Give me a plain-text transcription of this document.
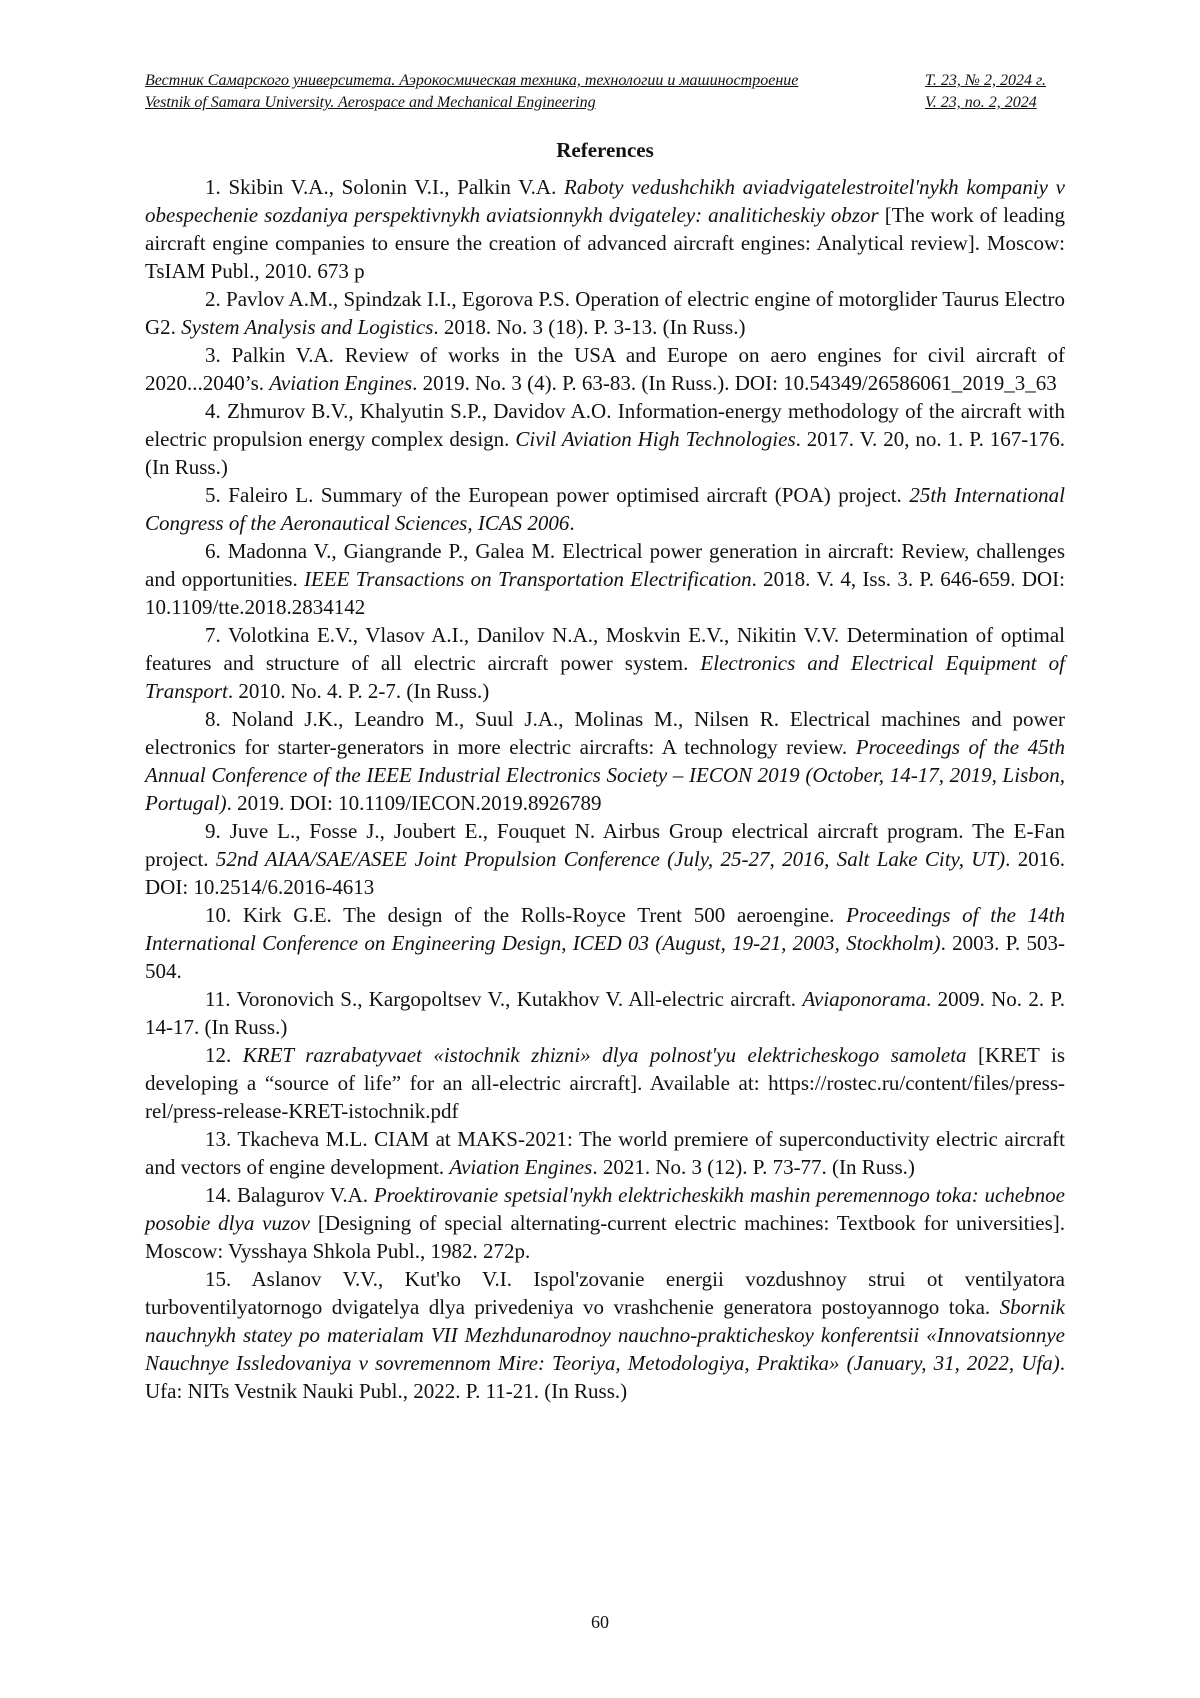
Вестник Самарского университета. Аэрокосмическая техника, технологии и машиностроение	Т. 23, № 2, 2024 г.
Vestnik of Samara University. Aerospace and Mechanical Engineering	V. 23, no. 2, 2024
References

1. Skibin V.A., Solonin V.I., Palkin V.A. Raboty vedushchikh aviadvigatelestroitel'nykh kompaniy v obespechenie sozdaniya perspektivnykh aviatsionnykh dvigateley: analiticheskiy obzor [The work of leading aircraft engine companies to ensure the creation of advanced aircraft engines: Analytical review]. Moscow: TsIAM Publ., 2010. 673 p

2. Pavlov A.M., Spindzak I.I., Egorova P.S. Operation of electric engine of motorglider Taurus Electro G2. System Analysis and Logistics. 2018. No. 3 (18). P. 3-13. (In Russ.)

3. Palkin V.A. Review of works in the USA and Europe on aero engines for civil aircraft of 2020...2040’s. Aviation Engines. 2019. No. 3 (4). P. 63-83. (In Russ.). DOI: 10.54349/26586061_2019_3_63

4. Zhmurov B.V., Khalyutin S.P., Davidov A.O. Information-energy methodology of the aircraft with electric propulsion energy complex design. Civil Aviation High Technologies. 2017. V. 20, no. 1. P. 167-176. (In Russ.)

5. Faleiro L. Summary of the European power optimised aircraft (POA) project. 25th International Congress of the Aeronautical Sciences, ICAS 2006.

6. Madonna V., Giangrande P., Galea M. Electrical power generation in aircraft: Review, challenges and opportunities. IEEE Transactions on Transportation Electrification. 2018. V. 4, Iss. 3. P. 646-659. DOI: 10.1109/tte.2018.2834142

7. Volotkina E.V., Vlasov A.I., Danilov N.A., Moskvin E.V., Nikitin V.V. Determination of optimal features and structure of all electric aircraft power system. Electronics and Electrical Equipment of Transport. 2010. No. 4. P. 2-7. (In Russ.)

8. Noland J.K., Leandro M., Suul J.A., Molinas M., Nilsen R. Electrical machines and power electronics for starter-generators in more electric aircrafts: A technology review. Proceedings of the 45th Annual Conference of the IEEE Industrial Electronics Society – IECON 2019 (October, 14-17, 2019, Lisbon, Portugal). 2019. DOI: 10.1109/IECON.2019.8926789

9. Juve L., Fosse J., Joubert E., Fouquet N. Airbus Group electrical aircraft program. The E-Fan project. 52nd AIAA/SAE/ASEE Joint Propulsion Conference (July, 25-27, 2016, Salt Lake City, UT). 2016. DOI: 10.2514/6.2016-4613

10. Kirk G.E. The design of the Rolls-Royce Trent 500 aeroengine. Proceedings of the 14th International Conference on Engineering Design, ICED 03 (August, 19-21, 2003, Stockholm). 2003. P. 503-504.

11. Voronovich S., Kargopoltsev V., Kutakhov V. All-electric aircraft. Aviaponorama. 2009. No. 2. P. 14-17. (In Russ.)

12. KRET razrabatyvaet «istochnik zhizni» dlya polnost'yu elektricheskogo samoleta [KRET is developing a “source of life” for an all-electric aircraft]. Available at: https://rostec.ru/content/files/press-rel/press-release-KRET-istochnik.pdf

13. Tkacheva M.L. CIAM at MAKS-2021: The world premiere of superconductivity electric aircraft and vectors of engine development. Aviation Engines. 2021. No. 3 (12). P. 73-77. (In Russ.)

14. Balagurov V.A. Proektirovanie spetsial'nykh elektricheskikh mashin peremennogo toka: uchebnoe posobie dlya vuzov [Designing of special alternating-current electric machines: Textbook for universities]. Moscow: Vysshaya Shkola Publ., 1982. 272p.

15. Aslanov V.V., Kut'ko V.I. Ispol'zovanie energii vozdushnoy strui ot ventilyatora turboventilyatornogo dvigatelya dlya privedeniya vo vrashchenie generatora postoyannogo toka. Sbornik nauchnykh statey po materialam VII Mezhdunarodnoy nauchno-prakticheskoy konferentsii «Innovatsionnye Nauchnye Issledovaniya v sovremennom Mire: Teoriya, Metodologiya, Praktika» (January, 31, 2022, Ufa). Ufa: NITs Vestnik Nauki Publ., 2022. P. 11-21. (In Russ.)

60
